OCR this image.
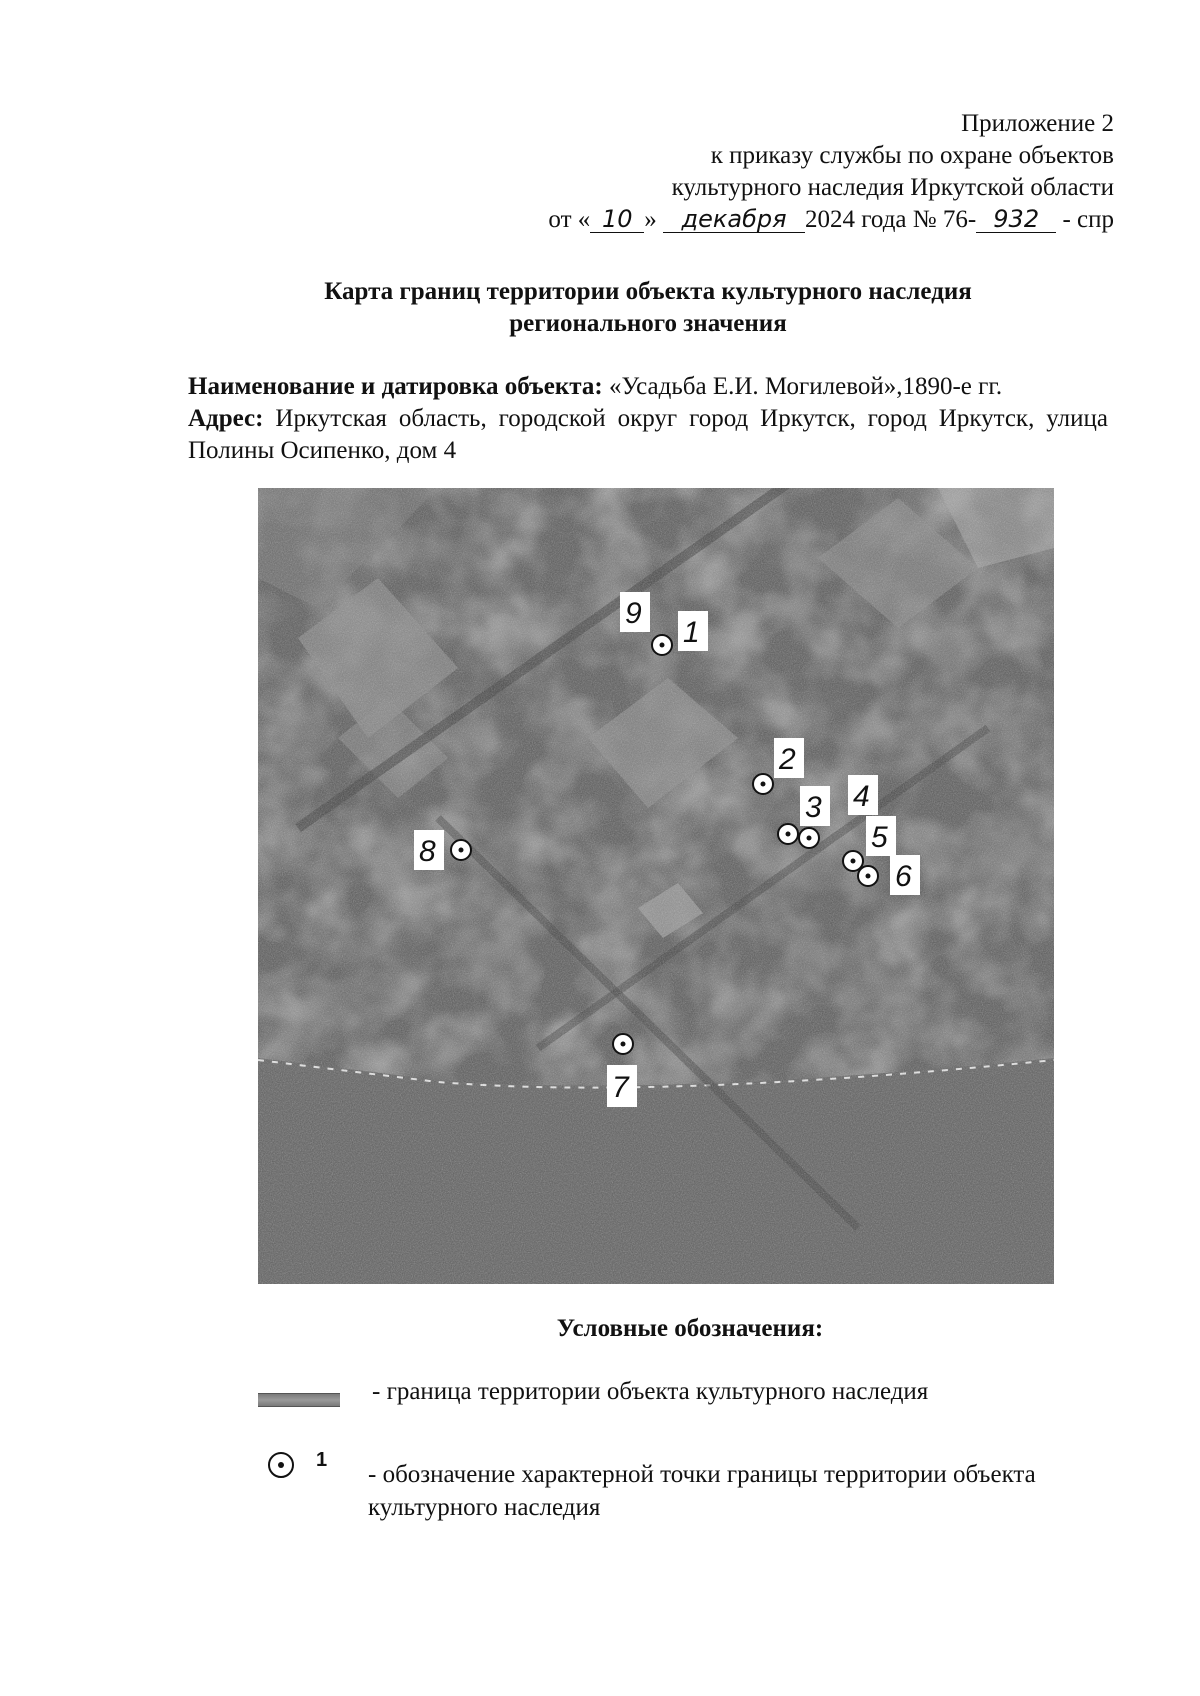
Приложение 2
к приказу службы по охране объектов
культурного наследия Иркутской области
от « 10 » декабря 2024 года № 76- 932 - спр
Карта границ территории объекта культурного наследия
регионального значения
Наименование и датировка объекта: «Усадьба Е.И. Могилевой»,1890-е гг.
Адрес: Иркутская область, городской округ город Иркутск, город Иркутск, улица Полины Осипенко, дом 4
1
9
2
3 4
5
6
7
8
Условные обозначения:
- граница территории объекта культурного наследия
1
- обозначение характерной точки границы территории объекта культурного наследия
